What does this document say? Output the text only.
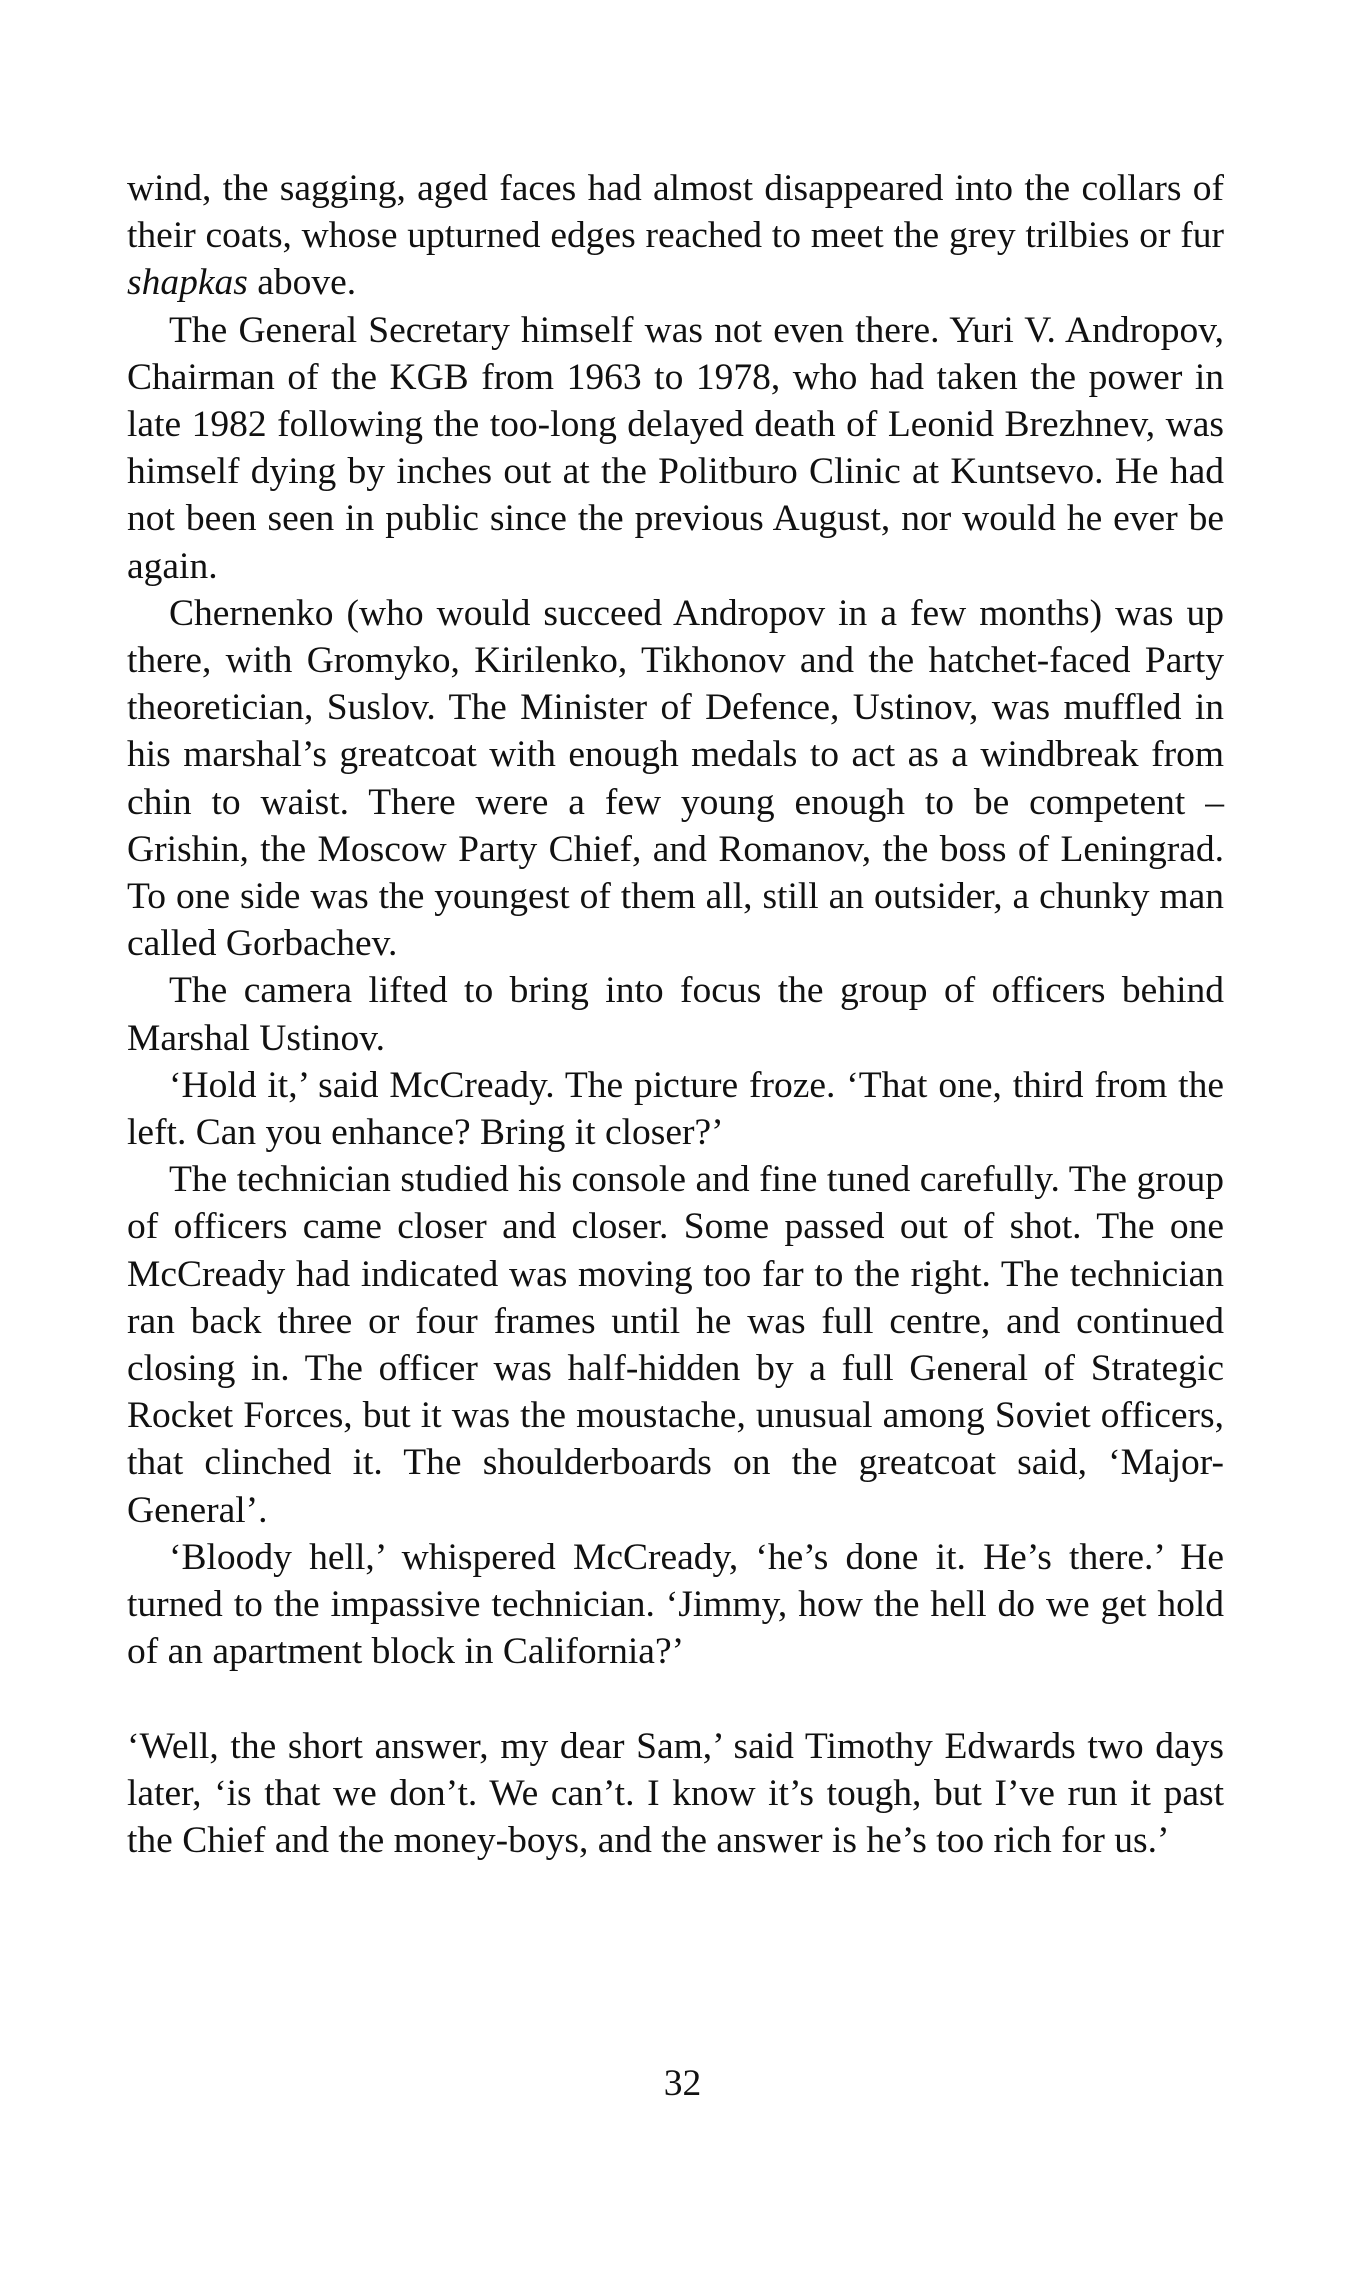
wind, the sagging, aged faces had almost disappeared into the collars of their coats, whose upturned edges reached to meet the grey trilbies or fur shapkas above.

The General Secretary himself was not even there. Yuri V. Andropov, Chairman of the KGB from 1963 to 1978, who had taken the power in late 1982 following the too-long delayed death of Leonid Brezhnev, was himself dying by inches out at the Politburo Clinic at Kuntsevo. He had not been seen in public since the previous August, nor would he ever be again.

Chernenko (who would succeed Andropov in a few months) was up there, with Gromyko, Kirilenko, Tikhonov and the hatchet-faced Party theoretician, Suslov. The Minister of Defence, Ustinov, was muffled in his marshal’s greatcoat with enough medals to act as a windbreak from chin to waist. There were a few young enough to be competent – Grishin, the Moscow Party Chief, and Romanov, the boss of Leningrad. To one side was the youngest of them all, still an outsider, a chunky man called Gorbachev.

The camera lifted to bring into focus the group of officers behind Marshal Ustinov.

‘Hold it,’ said McCready. The picture froze. ‘That one, third from the left. Can you enhance? Bring it closer?’

The technician studied his console and fine tuned carefully. The group of officers came closer and closer. Some passed out of shot. The one McCready had indicated was moving too far to the right. The technician ran back three or four frames until he was full centre, and continued closing in. The officer was half-hidden by a full General of Strategic Rocket Forces, but it was the moustache, unusual among Soviet officers, that clinched it. The shoulderboards on the greatcoat said, ‘Major-General’.

‘Bloody hell,’ whispered McCready, ‘he’s done it. He’s there.’ He turned to the impassive technician. ‘Jimmy, how the hell do we get hold of an apartment block in California?’

‘Well, the short answer, my dear Sam,’ said Timothy Edwards two days later, ‘is that we don’t. We can’t. I know it’s tough, but I’ve run it past the Chief and the money-boys, and the answer is he’s too rich for us.’

32
